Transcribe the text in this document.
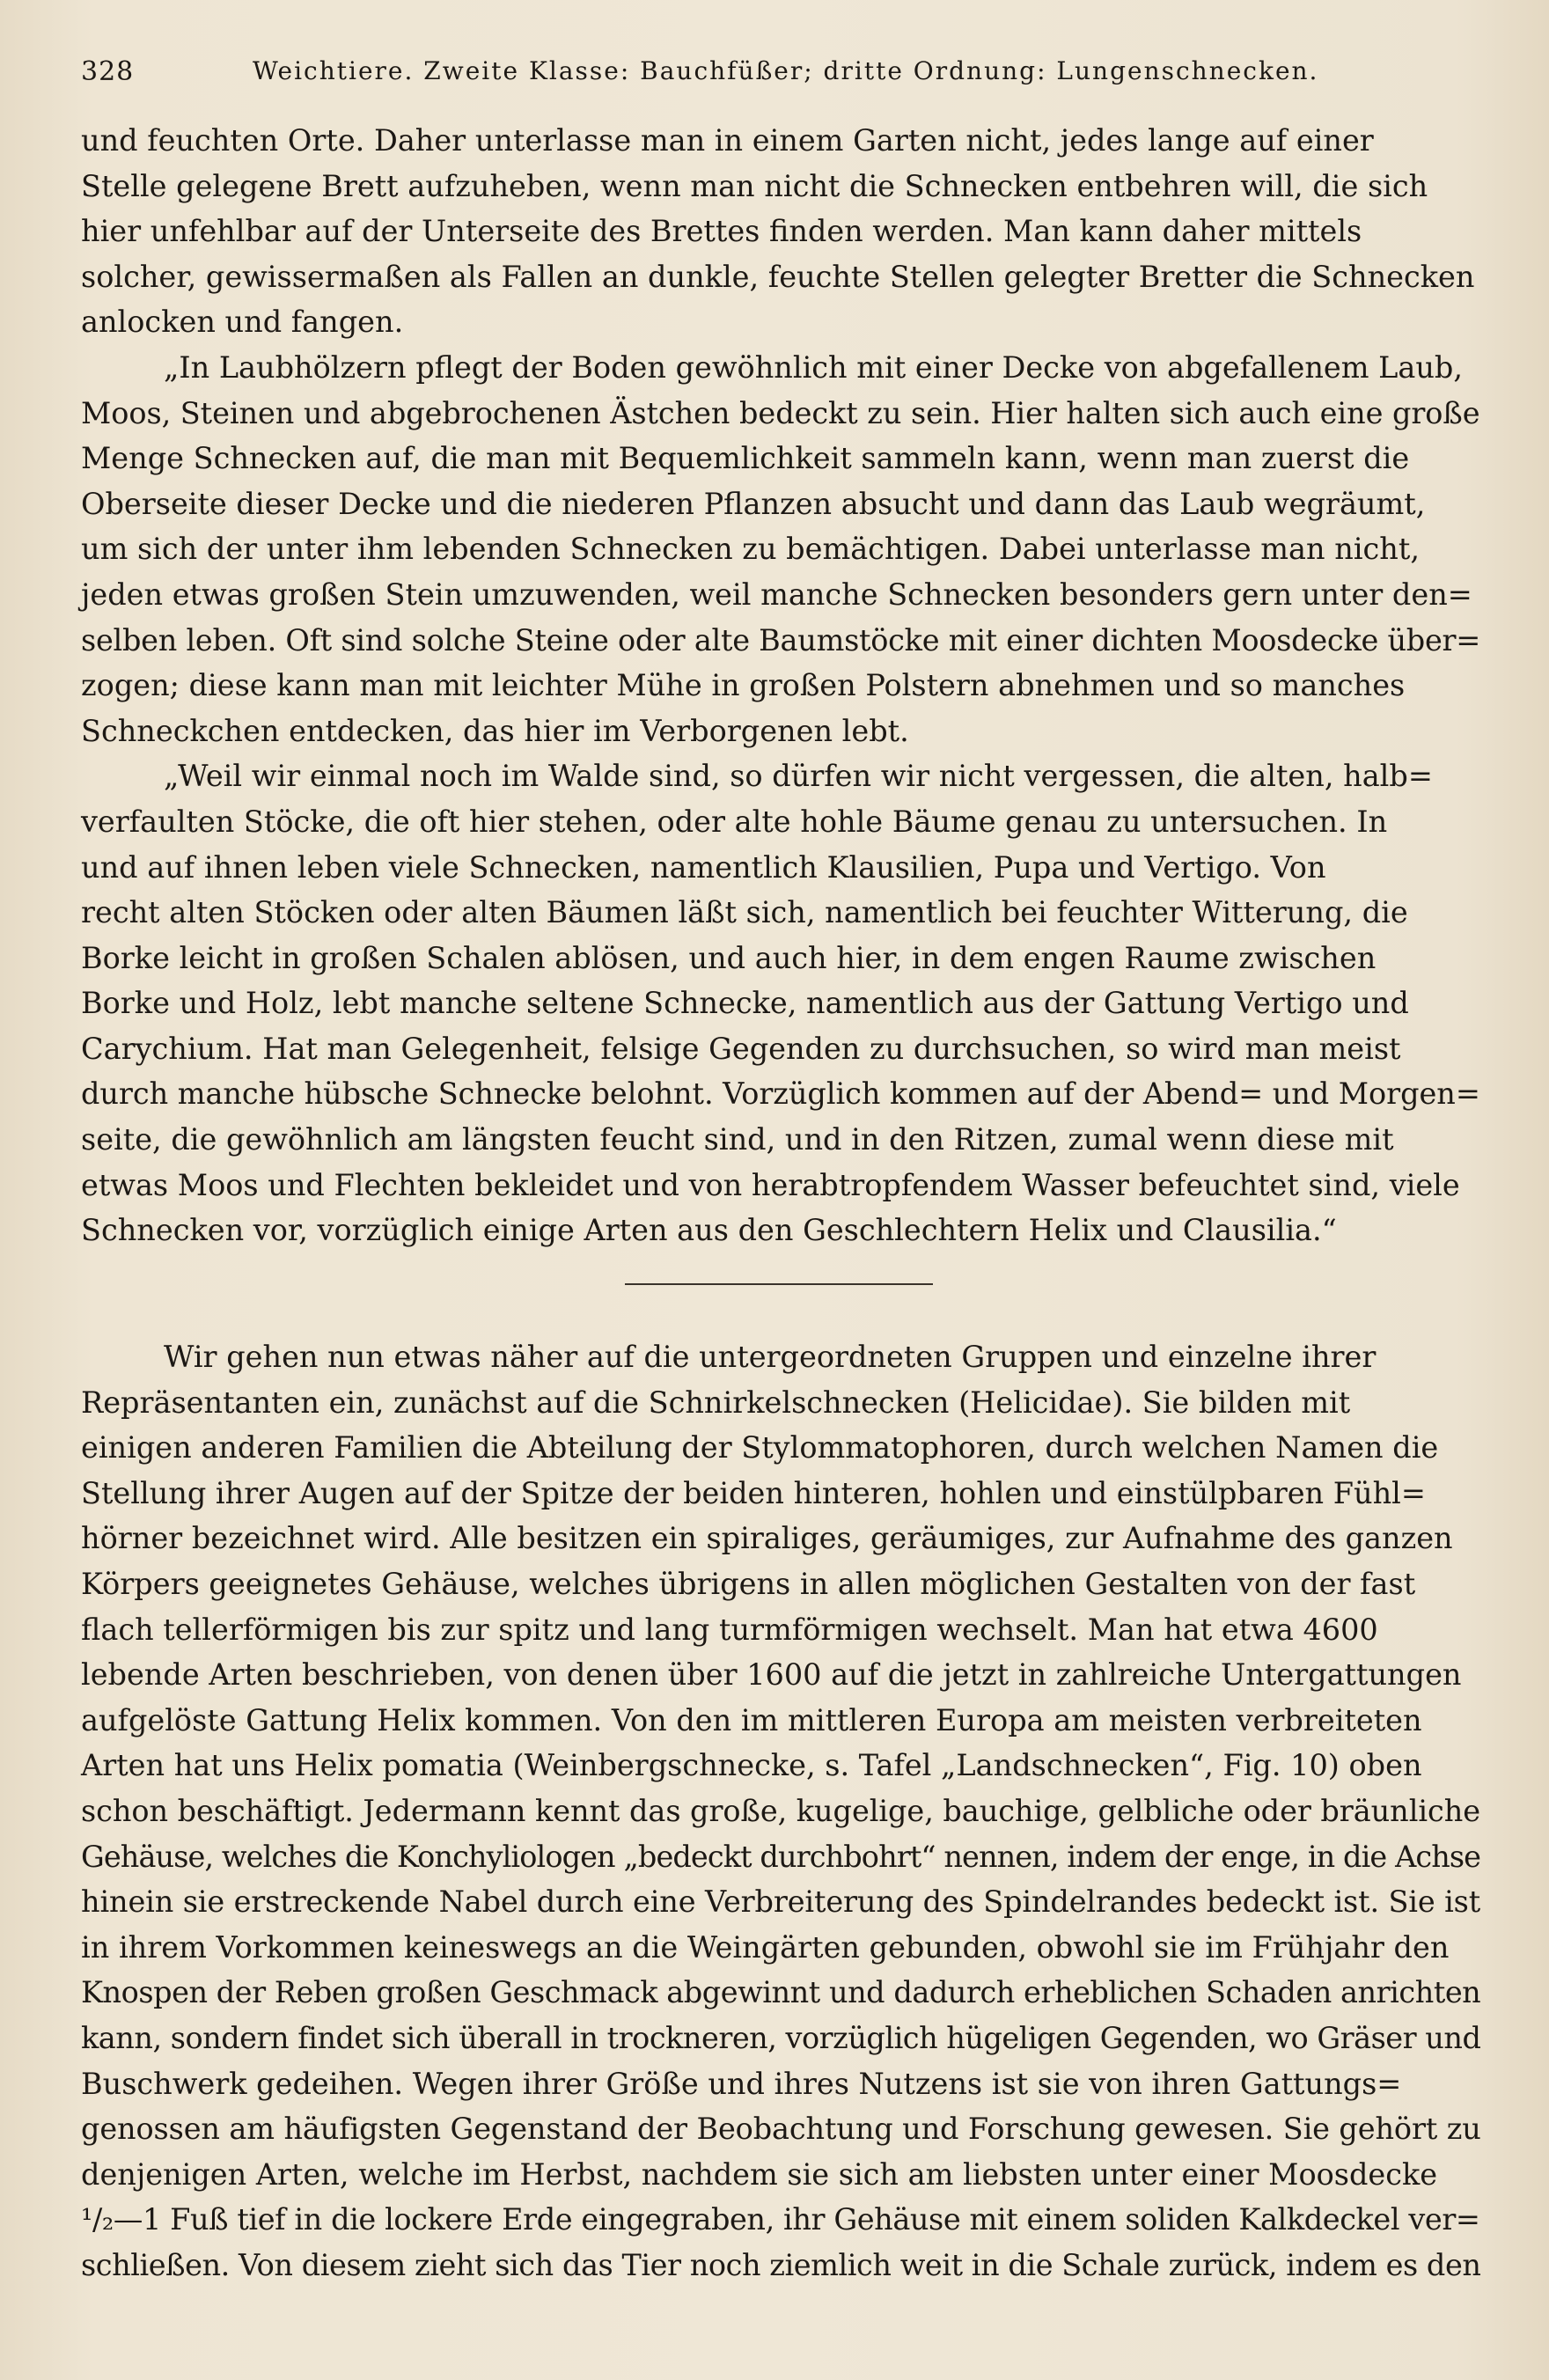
328	Weichtiere. Zweite Klasse: Bauchfüßer; dritte Ordnung: Lungenschnecken.
und feuchten Orte. Daher unterlasse man in einem Garten nicht, jedes lange auf einer
Stelle gelegene Brett aufzuheben, wenn man nicht die Schnecken entbehren will, die sich
hier unfehlbar auf der Unterseite des Brettes finden werden. Man kann daher mittels
solcher, gewissermaßen als Fallen an dunkle, feuchte Stellen gelegter Bretter die Schnecken
anlocken und fangen.
„In Laubhölzern pflegt der Boden gewöhnlich mit einer Decke von abgefallenem Laub,
Moos, Steinen und abgebrochenen Ästchen bedeckt zu sein. Hier halten sich auch eine große
Menge Schnecken auf, die man mit Bequemlichkeit sammeln kann, wenn man zuerst die
Oberseite dieser Decke und die niederen Pflanzen absucht und dann das Laub wegräumt,
um sich der unter ihm lebenden Schnecken zu bemächtigen. Dabei unterlasse man nicht,
jeden etwas großen Stein umzuwenden, weil manche Schnecken besonders gern unter den=
selben leben. Oft sind solche Steine oder alte Baumstöcke mit einer dichten Moosdecke über=
zogen; diese kann man mit leichter Mühe in großen Polstern abnehmen und so manches
Schneckchen entdecken, das hier im Verborgenen lebt.
„Weil wir einmal noch im Walde sind, so dürfen wir nicht vergessen, die alten, halb=
verfaulten Stöcke, die oft hier stehen, oder alte hohle Bäume genau zu untersuchen. In
und auf ihnen leben viele Schnecken, namentlich Klausilien, Pupa und Vertigo. Von
recht alten Stöcken oder alten Bäumen läßt sich, namentlich bei feuchter Witterung, die
Borke leicht in großen Schalen ablösen, und auch hier, in dem engen Raume zwischen
Borke und Holz, lebt manche seltene Schnecke, namentlich aus der Gattung Vertigo und
Carychium. Hat man Gelegenheit, felsige Gegenden zu durchsuchen, so wird man meist
durch manche hübsche Schnecke belohnt. Vorzüglich kommen auf der Abend= und Morgen=
seite, die gewöhnlich am längsten feucht sind, und in den Ritzen, zumal wenn diese mit
etwas Moos und Flechten bekleidet und von herabtropfendem Wasser befeuchtet sind, viele
Schnecken vor, vorzüglich einige Arten aus den Geschlechtern Helix und Clausilia.“
Wir gehen nun etwas näher auf die untergeordneten Gruppen und einzelne ihrer
Repräsentanten ein, zunächst auf die Schnirkelschnecken (Helicidae). Sie bilden mit
einigen anderen Familien die Abteilung der Stylommatophoren, durch welchen Namen die
Stellung ihrer Augen auf der Spitze der beiden hinteren, hohlen und einstülpbaren Fühl=
hörner bezeichnet wird. Alle besitzen ein spiraliges, geräumiges, zur Aufnahme des ganzen
Körpers geeignetes Gehäuse, welches übrigens in allen möglichen Gestalten von der fast
flach tellerförmigen bis zur spitz und lang turmförmigen wechselt. Man hat etwa 4600
lebende Arten beschrieben, von denen über 1600 auf die jetzt in zahlreiche Untergattungen
aufgelöste Gattung Helix kommen. Von den im mittleren Europa am meisten verbreiteten
Arten hat uns Helix pomatia (Weinbergschnecke, s. Tafel „Landschnecken“, Fig. 10) oben
schon beschäftigt. Jedermann kennt das große, kugelige, bauchige, gelbliche oder bräunliche
Gehäuse, welches die Konchyliologen „bedeckt durchbohrt“ nennen, indem der enge, in die Achse
hinein sie erstreckende Nabel durch eine Verbreiterung des Spindelrandes bedeckt ist. Sie ist
in ihrem Vorkommen keineswegs an die Weingärten gebunden, obwohl sie im Frühjahr den
Knospen der Reben großen Geschmack abgewinnt und dadurch erheblichen Schaden anrichten
kann, sondern findet sich überall in trockneren, vorzüglich hügeligen Gegenden, wo Gräser und
Buschwerk gedeihen. Wegen ihrer Größe und ihres Nutzens ist sie von ihren Gattungs=
genossen am häufigsten Gegenstand der Beobachtung und Forschung gewesen. Sie gehört zu
denjenigen Arten, welche im Herbst, nachdem sie sich am liebsten unter einer Moosdecke
¹/₂—1 Fuß tief in die lockere Erde eingegraben, ihr Gehäuse mit einem soliden Kalkdeckel ver=
schließen. Von diesem zieht sich das Tier noch ziemlich weit in die Schale zurück, indem es den
